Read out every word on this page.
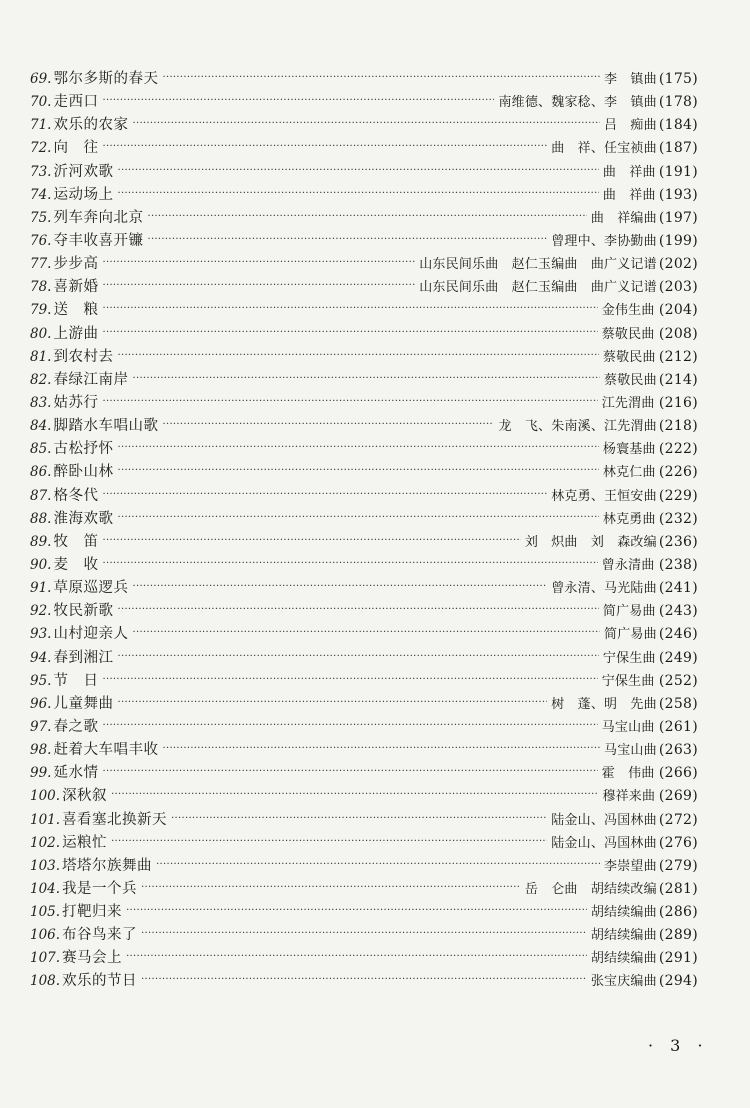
69. 鄂尔多斯的春天 ·····	李　镇曲 (175)
70. 走西口 ·····	南维德、魏家稔、李　镇曲 (178)
71. 欢乐的农家 ·····	吕　痴曲 (184)
72. 向　往 ·····	曲　祥、任宝祯曲 (187)
73. 沂河欢歌 ·····	曲　祥曲 (191)
74. 运动场上 ·····	曲　祥曲 (193)
75. 列车奔向北京 ·····	曲　祥编曲 (197)
76. 夺丰收喜开镰 ·····	曾理中、李协勤曲 (199)
77. 步步高 ·····	山东民间乐曲　赵仁玉编曲　曲广义记谱 (202)
78. 喜新婚 ·····	山东民间乐曲　赵仁玉编曲　曲广义记谱 (203)
79. 送　粮 ·····	金伟生曲 (204)
80. 上游曲 ·····	蔡敬民曲 (208)
81. 到农村去 ·····	蔡敬民曲 (212)
82. 春绿江南岸 ·····	蔡敬民曲 (214)
83. 姑苏行 ·····	江先渭曲 (216)
84. 脚踏水车唱山歌 ·····	龙　飞、朱南溪、江先渭曲 (218)
85. 古松抒怀 ·····	杨寰基曲 (222)
86. 醉卧山林 ·····	林克仁曲 (226)
87. 格冬代 ·····	林克勇、王恒安曲 (229)
88. 淮海欢歌 ·····	林克勇曲 (232)
89. 牧　笛 ·····	刘　炽曲　刘　森改编 (236)
90. 麦　收 ·····	曾永清曲 (238)
91. 草原巡逻兵 ·····	曾永清、马光陆曲 (241)
92. 牧民新歌 ·····	简广易曲 (243)
93. 山村迎亲人 ·····	简广易曲 (246)
94. 春到湘江 ·····	宁保生曲 (249)
95. 节　日 ·····	宁保生曲 (252)
96. 儿童舞曲 ·····	树　蓬、明　先曲 (258)
97. 春之歌 ·····	马宝山曲 (261)
98. 赶着大车唱丰收 ·····	马宝山曲 (263)
99. 延水情 ·····	霍　伟曲 (266)
100. 深秋叙 ·····	穆祥来曲 (269)
101. 喜看塞北换新天 ·····	陆金山、冯国林曲 (272)
102. 运粮忙 ·····	陆金山、冯国林曲 (276)
103. 塔塔尔族舞曲 ·····	李崇望曲 (279)
104. 我是一个兵 ·····	岳　仑曲　胡结续改编 (281)
105. 打靶归来 ·····	胡结续编曲 (286)
106. 布谷鸟来了 ·····	胡结续编曲 (289)
107. 赛马会上 ·····	胡结续编曲 (291)
108. 欢乐的节日 ·····	张宝庆编曲 (294)
· 3 ·
